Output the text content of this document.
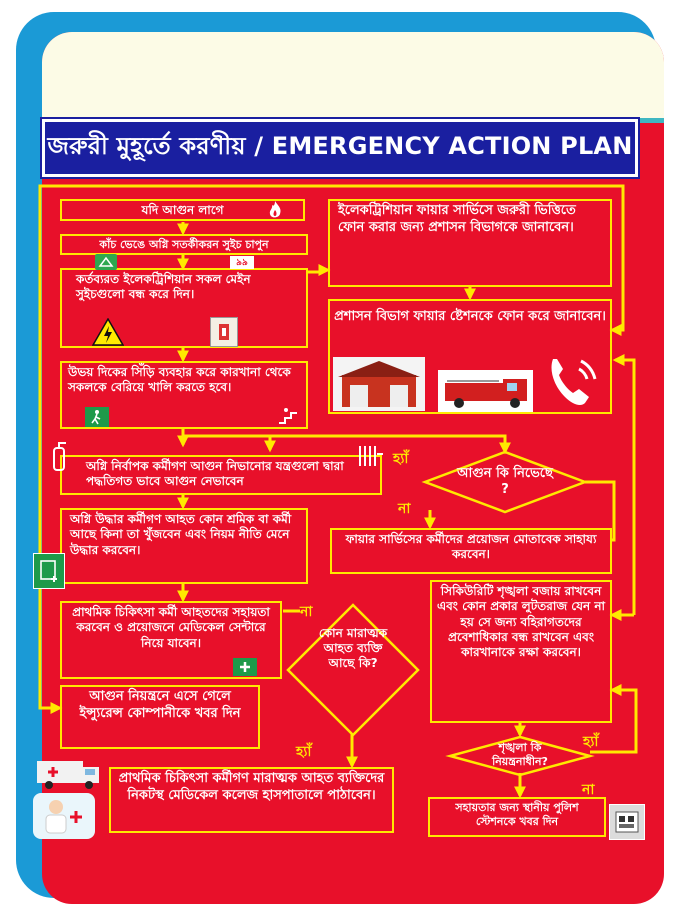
জরুরী মুহূর্তে করণীয় / EMERGENCY ACTION PLAN
যদি আগুন লাগে
কাঁচ ভেঙে অগ্নি সতর্কীকরন সুইচ চাপুন
কর্তব্যরত ইলেকট্রিশিয়ান সকল মেইন সুইচগুলো বন্ধ করে দিন।
উভয় দিকের সিঁড়ি ব্যবহার করে কারখানা থেকে সকলকে বেরিয়ে খালি করতে হবে।
অগ্নি নির্বাপক কর্মীগণ আগুন নিভানোর যন্ত্রগুলো দ্বারা পদ্ধতিগত ভাবে আগুন নেভাবেন
অগ্নি উদ্ধার কর্মীগণ আহত কোন শ্রমিক বা কর্মী আছে কিনা তা খুঁজবেন এবং নিয়ম নীতি মেনে উদ্ধার করবেন।
প্রাথমিক চিকিৎসা কর্মী আহতদের সহায়তা করবেন ও প্রয়োজনে মেডিকেল সেন্টারে নিয়ে যাবেন।
আগুন নিয়ন্ত্রনে এসে গেলে ইন্স্যুরেন্স কোম্পানীকে খবর দিন
প্রাথমিক চিকিৎসা কর্মীগণ মারাত্মক আহত ব্যক্তিদের নিকটস্থ মেডিকেল কলেজ হাসপাতালে পাঠাবেন।
ইলেকট্রিশিয়ান ফায়ার সার্ভিসে জরুরী ভিত্তিতে ফোন করার জন্য প্রশাসন বিভাগকে জানাবেন।
প্রশাসন বিভাগ ফায়ার ষ্টেশনকে ফোন করে জানাবেন।
ফায়ার সার্ভিসের কর্মীদের প্রয়োজন মোতাবেক সাহায্য করবেন।
সিকিউরিটি শৃঙ্খলা বজায় রাখবেন এবং কোন প্রকার লুটতরাজ যেন না হয় সে জন্য বহিরাগতদের প্রবেশাধিকার বন্ধ রাখবেন এবং কারখানাকে রক্ষা করবেন।
সহায়তার জন্য স্থানীয় পুলিশ স্টেশনকে খবর দিন
আগুন কি নিভেছে ?
কোন মারাত্মক আহত ব্যক্তি আছে কি?
শৃঙ্খলা কি নিয়ন্ত্রনাধীন?
হ্যাঁ
না
না
হ্যাঁ
হ্যাঁ
না
৯৯
